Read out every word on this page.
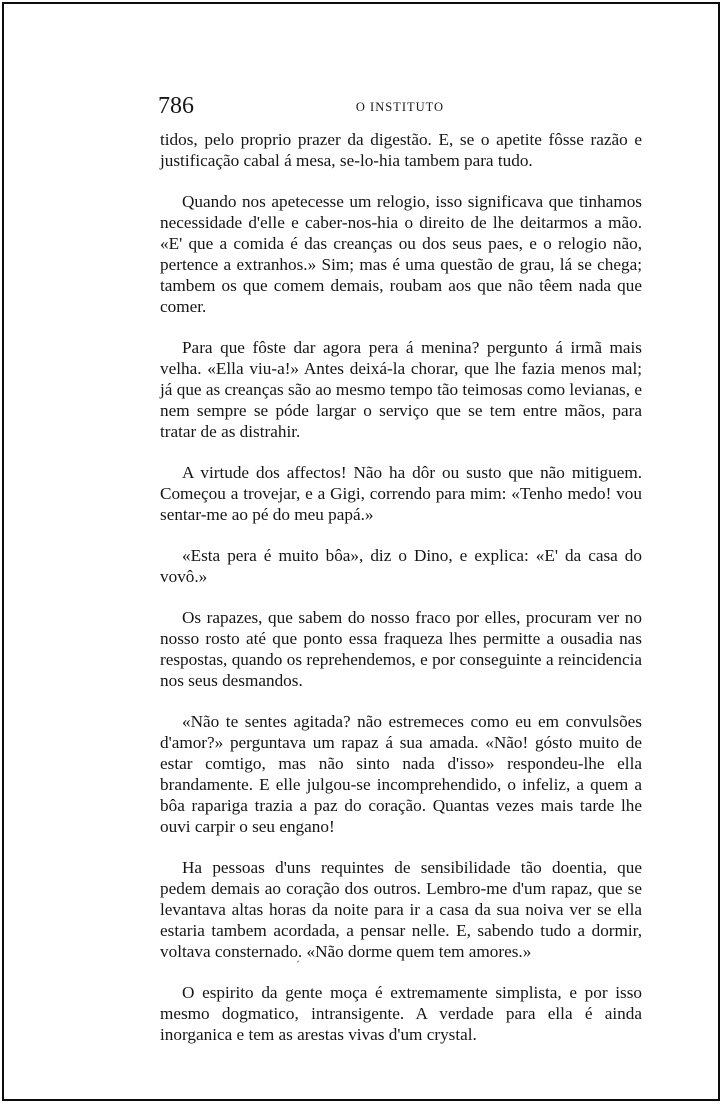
786	O INSTITUTO

tidos, pelo proprio prazer da digestão. E, se o apetite fôsse razão e justificação cabal á mesa, se-lo-hia tambem para tudo.

Quando nos apetecesse um relogio, isso significava que tinhamos necessidade d'elle e caber-nos-hia o direito de lhe deitarmos a mão. «E' que a comida é das creanças ou dos seus paes, e o relogio não, pertence a extranhos.» Sim; mas é uma questão de grau, lá se chega; tambem os que comem demais, roubam aos que não têem nada que comer.

Para que fôste dar agora pera á menina? pergunto á irmã mais velha. «Ella viu-a!» Antes deixá-la chorar, que lhe fazia menos mal; já que as creanças são ao mesmo tempo tão teimosas como levianas, e nem sempre se póde largar o serviço que se tem entre mãos, para tratar de as distrahir.

A virtude dos affectos! Não ha dôr ou susto que não mitiguem. Começou a trovejar, e a Gigi, correndo para mim: «Tenho medo! vou sentar-me ao pé do meu papá.»

«Esta pera é muito bôa», diz o Dino, e explica: «E' da casa do vovô.»

Os rapazes, que sabem do nosso fraco por elles, procuram ver no nosso rosto até que ponto essa fraqueza lhes permitte a ousadia nas respostas, quando os reprehendemos, e por conseguinte a reincidencia nos seus desmandos.

«Não te sentes agitada? não estremeces como eu em convulsões d'amor?» perguntava um rapaz á sua amada. «Não! gósto muito de estar comtigo, mas não sinto nada d'isso» respondeu-lhe ella brandamente. E elle julgou-se incomprehendido, o infeliz, a quem a bôa rapariga trazia a paz do coração. Quantas vezes mais tarde lhe ouvi carpir o seu engano!

Ha pessoas d'uns requintes de sensibilidade tão doentia, que pedem demais ao coração dos outros. Lembro-me d'um rapaz, que se levantava altas horas da noite para ir a casa da sua noiva ver se ella estaria tambem acordada, a pensar nelle. E, sabendo tudo a dormir, voltava consternado. «Não dorme quem tem amores.»

O espirito da gente moça é extremamente simplista, e por isso mesmo dogmatico, intransigente. A verdade para ella é ainda inorganica e tem as arestas vivas d'um crystal.

ˊ
